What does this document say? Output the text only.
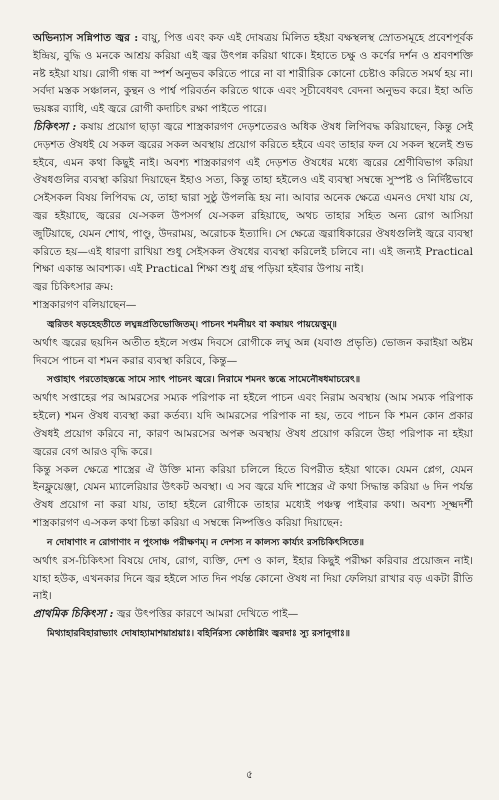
অভিন্যাস সন্নিপাত জ্বর : বায়ু, পিত্ত এবং কফ এই দোষত্রয় মিলিত হইয়া বক্ষস্থলস্থ স্রোতসমূহে প্রবেশপূর্বক ইন্দ্রিয়, বুদ্ধি ও মনকে আশ্রয় করিয়া এই জ্বর উৎপন্ন করিয়া থাকে। ইহাতে চক্ষু ও কর্ণের দর্শন ও শ্রবণশক্তি নষ্ট হইয়া যায়। রোগী গন্ধ বা স্পর্শ অনুভব করিতে পারে না বা শারীরিক কোনো চেষ্টাও করিতে সমর্থ হয় না। সর্বদা মস্তক সঞ্চালন, কুন্থন ও পার্শ্ব পরিবর্তন করিতে থাকে এবং সূচীবেধবৎ বেদনা অনুভব করে। ইহা অতি ভয়ঙ্কর ব্যাধি, এই জ্বরে রোগী কদাচিৎ রক্ষা পাইতে পারে।

চিকিৎসা : কষায় প্রয়োগ ছাড়া জ্বরে শাস্ত্রকারগণ দেড়শতেরও অধিক ঔষধ লিপিবদ্ধ করিয়াছেন, কিন্তু সেই দেড়শত ঔষধই যে সকল জ্বরের সকল অবস্থায় প্রয়োগ করিতে হইবে এবং তাহার ফল যে সকল স্থলেই শুভ হইবে, এমন কথা কিছুই নাই। অবশ্য শাস্ত্রকারগণ এই দেড়শত ঔষধের মধ্যে জ্বরের শ্রেণীবিভাগ করিয়া ঔষধগুলির ব্যবস্থা করিয়া দিয়াছেন ইহাও সত্য, কিন্তু তাহা হইলেও এই ব্যবস্থা সম্বন্ধে সুস্পষ্ট ও নির্দিষ্টভাবে সেইসকল বিষয় লিপিবদ্ধ যে, তাহা দ্বারা সুষ্ঠু উপলব্ধি হয় না। আবার অনেক ক্ষেত্রে এমনও দেখা যায় যে, জ্বর হইয়াছে, জ্বরের যে-সকল উপসর্গ যে-সকল রহিয়াছে, অথচ তাহার সহিত অন্য রোগ আসিয়া জুটিয়াছে, যেমন শোথ, পাণ্ডু, উদরাময়, অরোচক ইত্যাদি। সে ক্ষেত্রে জ্বরাধিকারের ঔষধগুলিই জ্বরে ব্যবস্থা করিতে হয়—এই ধারণা রাখিয়া শুধু সেইসকল ঔষধের ব্যবস্থা করিলেই চলিবে না। এই জন্যই Practical শিক্ষা একান্ত আবশ্যক। এই Practical শিক্ষা শুধু গ্রন্থ পড়িয়া হইবার উপায় নাই।

জ্বর চিকিৎসার ক্রম:

শাস্ত্রকারগণ বলিয়াছেন—

জ্বরিতং ষড়হেহতীতে লঘ্বন্নপ্রতিভোজিতম্। পাচনং শমনীয়ং বা কষায়ং পায়য়েত্তুম্॥

অর্থাৎ জ্বরের ছয়দিন অতীত হইলে সপ্তম দিবসে রোগীকে লঘু অন্ন (যবাগু প্রভৃতি) ভোজন করাইয়া অষ্টম দিবসে পাচন বা শমন করার ব্যবস্থা করিবে, কিন্তু—

সপ্তাহাৎ পরতোহস্তব্ধে সামে স্যাৎ পাচনং জ্বরে। নিরামে শমনং স্তব্ধে সামেনৌষধমাচরেৎ॥

অর্থাৎ সপ্তাহের পর আমরসের সম্যক পরিপাক না হইলে পাচন এবং নিরাম অবস্থায় (আম সম্যক পরিপাক হইলে) শমন ঔষধ ব্যবস্থা করা কর্তব্য। যদি আমরসের পরিপাক না হয়, তবে পাচন কি শমন কোন প্রকার ঔষধই প্রয়োগ করিবে না, কারণ আমরসের অপক্ব অবস্থায় ঔষধ প্রয়োগ করিলে উহা পরিপাক না হইয়া জ্বরের বেগ আরও বৃদ্ধি করে।

কিন্তু সকল ক্ষেত্রে শাস্ত্রের ঐ উক্তি মান্য করিয়া চলিলে হিতে বিপরীত হইয়া থাকে। যেমন প্লেগ, যেমন ইনফ্লুয়েঞ্জা, যেমন ম্যালেরিয়ার উৎকট অবস্থা। এ সব জ্বরে যদি শাস্ত্রের ঐ কথা সিদ্ধান্ত করিয়া ৬ দিন পর্যন্ত ঔষধ প্রয়োগ না করা যায়, তাহা হইলে রোগীকে তাহার মধ্যেই পঞ্চত্ব পাইবার কথা। অবশ্য সূক্ষ্মদর্শী শাস্ত্রকারগণ এ-সকল কথা চিন্তা করিয়া এ সম্বন্ধে নিষ্পত্তিও করিয়া দিয়াছেন:

ন দোষাণাং ন রোগাণাং ন পুংসাঞ্চ পরীক্ষণম্। ন দেশস্য ন কালস্য কার্য্যং রসচিকিৎসিতে॥

অর্থাৎ রস-চিকিৎসা বিষয়ে দোষ, রোগ, ব্যক্তি, দেশ ও কাল, ইহার কিছুই পরীক্ষা করিবার প্রয়োজন নাই। যাহা হউক, এখনকার দিনে জ্বর হইলে সাত দিন পর্যন্ত কোনো ঔষধ না দিয়া ফেলিয়া রাখার বড় একটা রীতি নাই।

প্রাথমিক চিকিৎসা : জ্বর উৎপত্তির কারণে আমরা দেখিতে পাই—

মিথ্যাহারবিহারাভ্যাং দোষাহ্যামাশয়াশ্রয়াঃ। বহির্নিরস্য কোষ্ঠাগ্নিং জ্বরদাঃ স্যু রসানুগাঃ॥

৫
